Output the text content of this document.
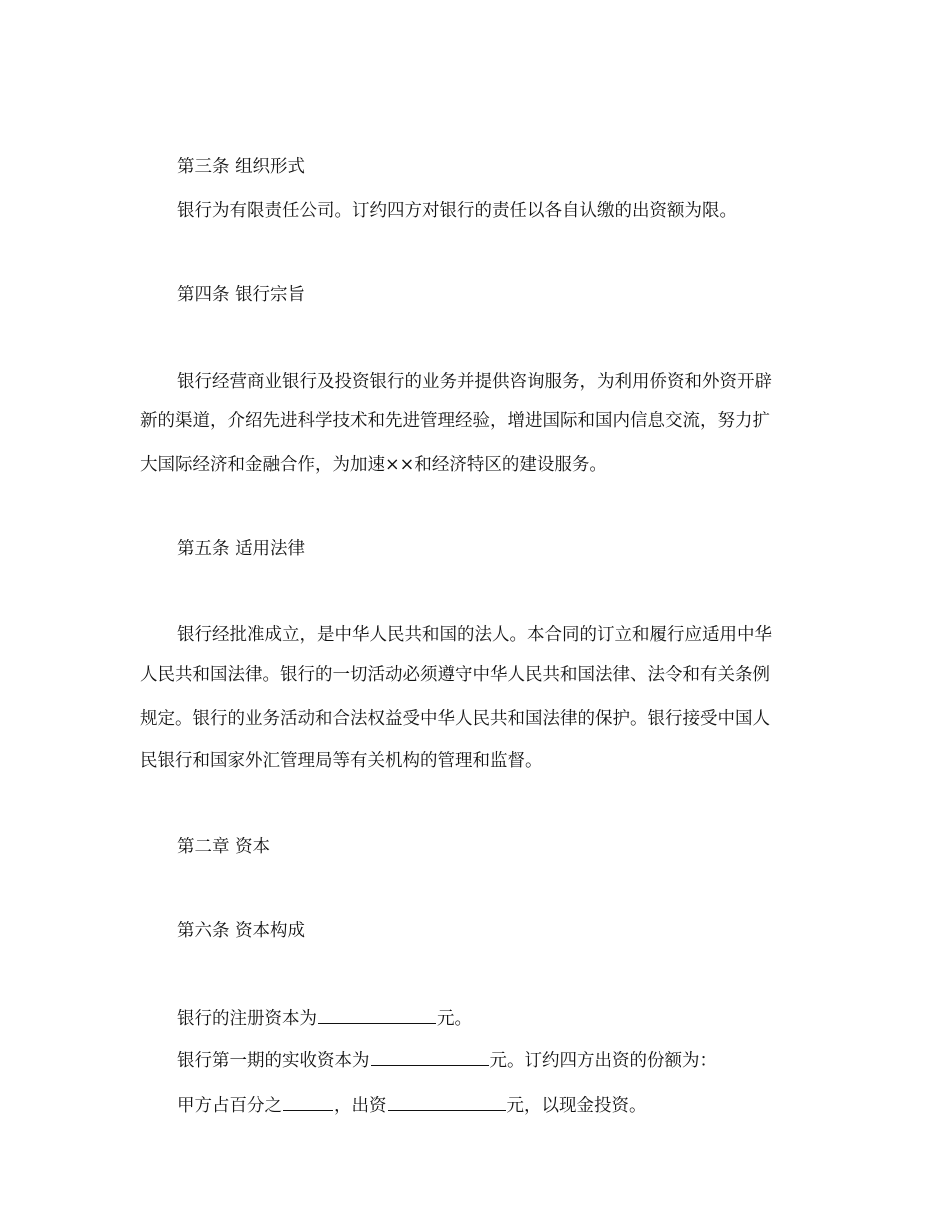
第三条 组织形式
银行为有限责任公司。订约四方对银行的责任以各自认缴的出资额为限。
第四条 银行宗旨
银行经营商业银行及投资银行的业务并提供咨询服务，为利用侨资和外资开辟
新的渠道，介绍先进科学技术和先进管理经验，增进国际和国内信息交流，努力扩
大国际经济和金融合作，为加速××和经济特区的建设服务。
第五条 适用法律
银行经批准成立，是中华人民共和国的法人。本合同的订立和履行应适用中华
人民共和国法律。银行的一切活动必须遵守中华人民共和国法律、法令和有关条例
规定。银行的业务活动和合法权益受中华人民共和国法律的保护。银行接受中国人
民银行和国家外汇管理局等有关机构的管理和监督。
第二章 资本
第六条 资本构成
银行的注册资本为	元。
银行第一期的实收资本为	元。订约四方出资的份额为：
甲方占百分之	，出资	元，以现金投资。
